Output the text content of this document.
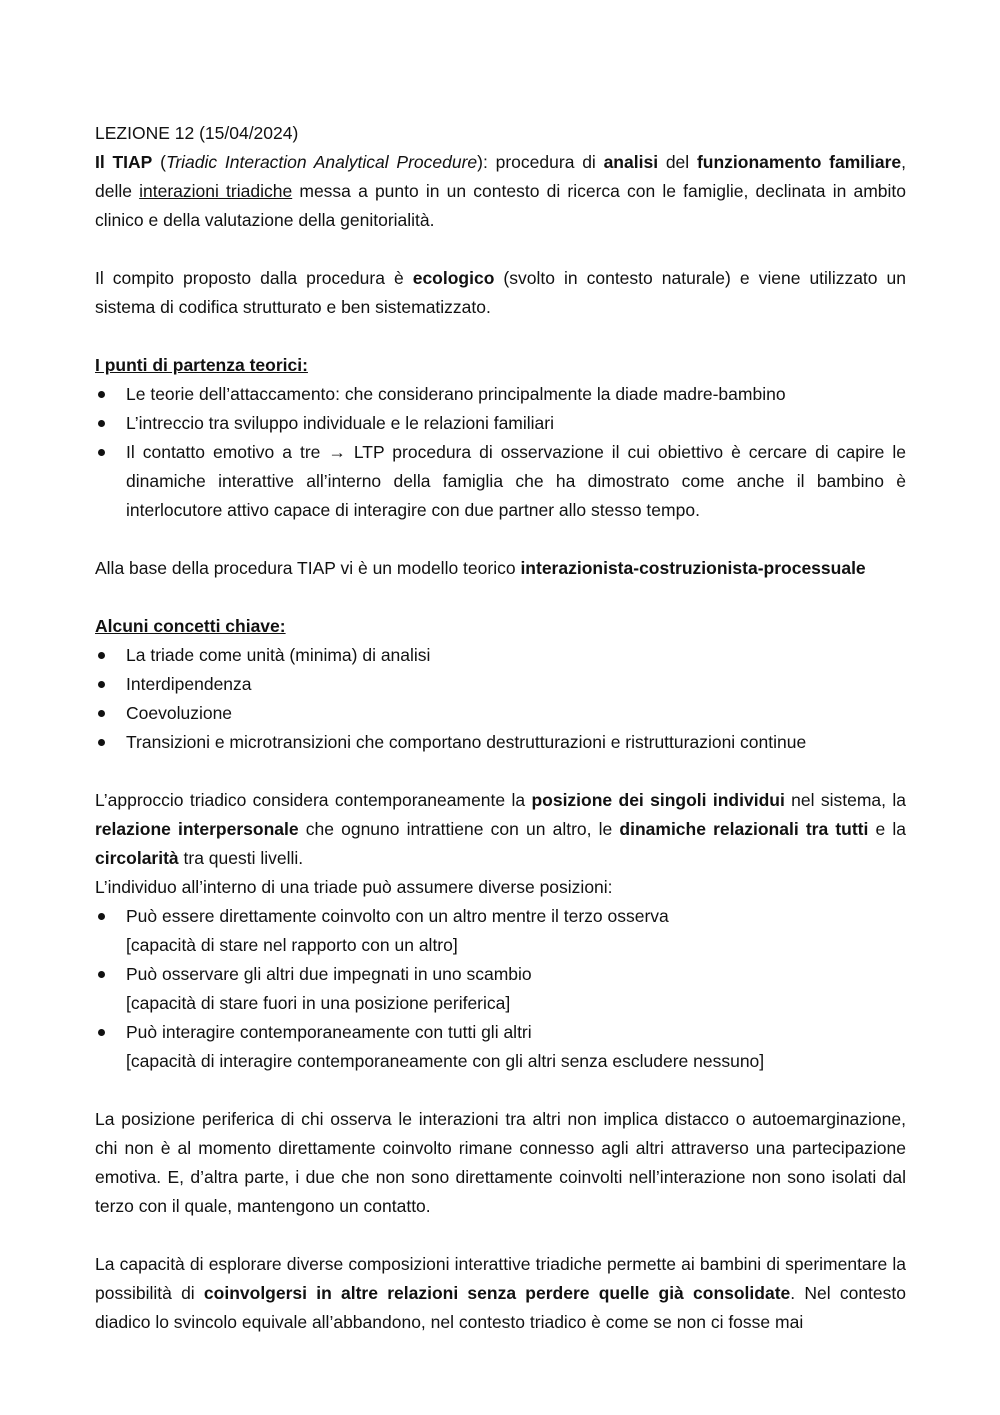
LEZIONE 12 (15/04/2024)

Il TIAP (Triadic Interaction Analytical Procedure): procedura di analisi del funzionamento familiare, delle interazioni triadiche messa a punto in un contesto di ricerca con le famiglie, declinata in ambito clinico e della valutazione della genitorialità.

Il compito proposto dalla procedura è ecologico (svolto in contesto naturale) e viene utilizzato un sistema di codifica strutturato e ben sistematizzato.

I punti di partenza teorici:

Le teorie dell’attaccamento: che considerano principalmente la diade madre-bambino
L’intreccio tra sviluppo individuale e le relazioni familiari
Il contatto emotivo a tre → LTP procedura di osservazione il cui obiettivo è cercare di capire le dinamiche interattive all’interno della famiglia che ha dimostrato come anche il bambino è interlocutore attivo capace di interagire con due partner allo stesso tempo.

Alla base della procedura TIAP vi è un modello teorico interazionista-costruzionista-processuale

Alcuni concetti chiave:

La triade come unità (minima) di analisi
Interdipendenza
Coevoluzione
Transizioni e microtransizioni che comportano destrutturazioni e ristrutturazioni continue

L’approccio triadico considera contemporaneamente la posizione dei singoli individui nel sistema, la relazione interpersonale che ognuno intrattiene con un altro, le dinamiche relazionali tra tutti e la circolarità tra questi livelli.

L’individuo all’interno di una triade può assumere diverse posizioni:

Può essere direttamente coinvolto con un altro mentre il terzo osserva
[capacità di stare nel rapporto con un altro]
Può osservare gli altri due impegnati in uno scambio
[capacità di stare fuori in una posizione periferica]
Può interagire contemporaneamente con tutti gli altri
[capacità di interagire contemporaneamente con gli altri senza escludere nessuno]

La posizione periferica di chi osserva le interazioni tra altri non implica distacco o autoemarginazione, chi non è al momento direttamente coinvolto rimane connesso agli altri attraverso una partecipazione emotiva. E, d’altra parte, i due che non sono direttamente coinvolti nell’interazione non sono isolati dal terzo con il quale, mantengono un contatto.

La capacità di esplorare diverse composizioni interattive triadiche permette ai bambini di sperimentare la possibilità di coinvolgersi in altre relazioni senza perdere quelle già consolidate. Nel contesto diadico lo svincolo equivale all’abbandono, nel contesto triadico è come se non ci fosse mai
